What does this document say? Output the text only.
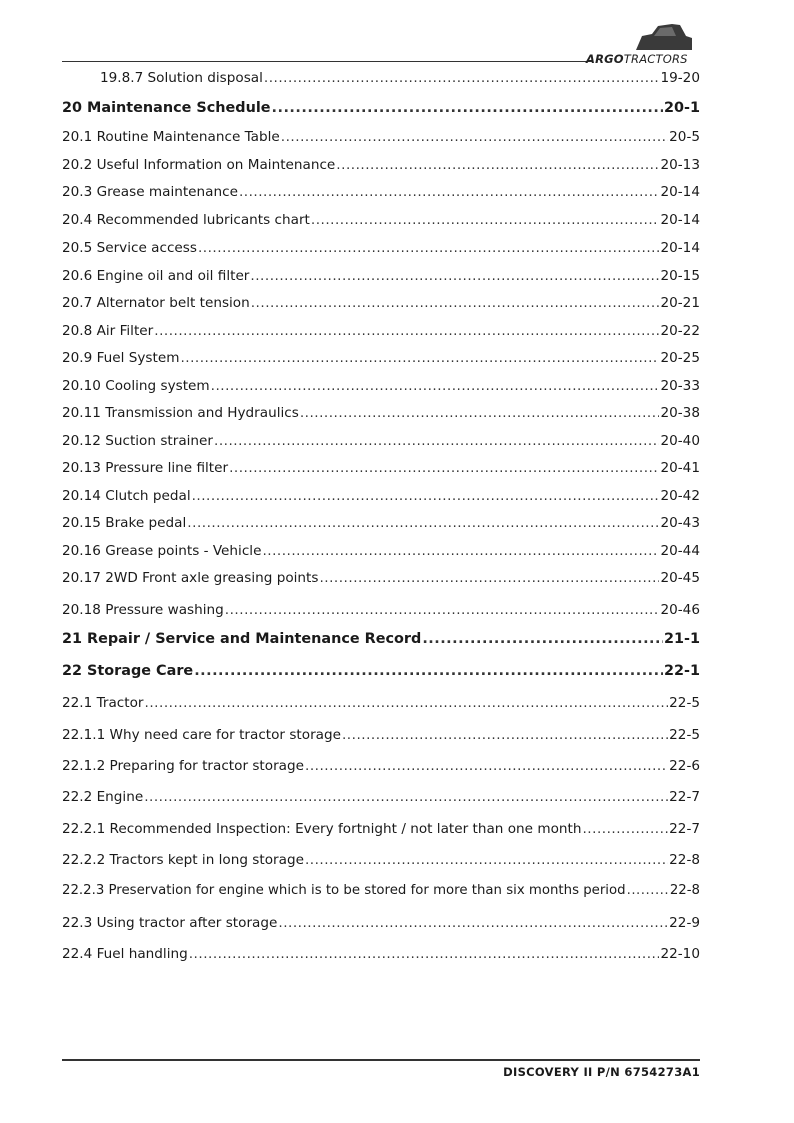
ARGOTRACTORS
19.8.7 Solution disposal .....	19-20
20 Maintenance Schedule .....	20-1
20.1 Routine Maintenance Table .....	20-5
20.2 Useful Information on Maintenance .....	20-13
20.3 Grease maintenance .....	20-14
20.4 Recommended lubricants chart .....	20-14
20.5 Service access .....	20-14
20.6 Engine oil and oil filter .....	20-15
20.7 Alternator belt tension .....	20-21
20.8 Air Filter .....	20-22
20.9 Fuel System .....	20-25
20.10 Cooling system .....	20-33
20.11 Transmission and Hydraulics .....	20-38
20.12 Suction strainer .....	20-40
20.13 Pressure line filter .....	20-41
20.14 Clutch pedal .....	20-42
20.15 Brake pedal .....	20-43
20.16 Grease points - Vehicle .....	20-44
20.17 2WD Front axle greasing points .....	20-45
20.18 Pressure washing .....	20-46
21 Repair / Service and Maintenance Record .....	21-1
22 Storage Care .....	22-1
22.1 Tractor .....	22-5
22.1.1 Why need care for tractor storage .....	22-5
22.1.2 Preparing for tractor storage .....	22-6
22.2 Engine .....	22-7
22.2.1 Recommended Inspection: Every fortnight / not later than one month .....	22-7
22.2.2 Tractors kept in long storage .....	22-8
22.2.3 Preservation for engine which is to be stored for more than six months period .....	22-8
22.3 Using tractor after storage .....	22-9
22.4 Fuel handling .....	22-10
DISCOVERY II P/N 6754273A1
